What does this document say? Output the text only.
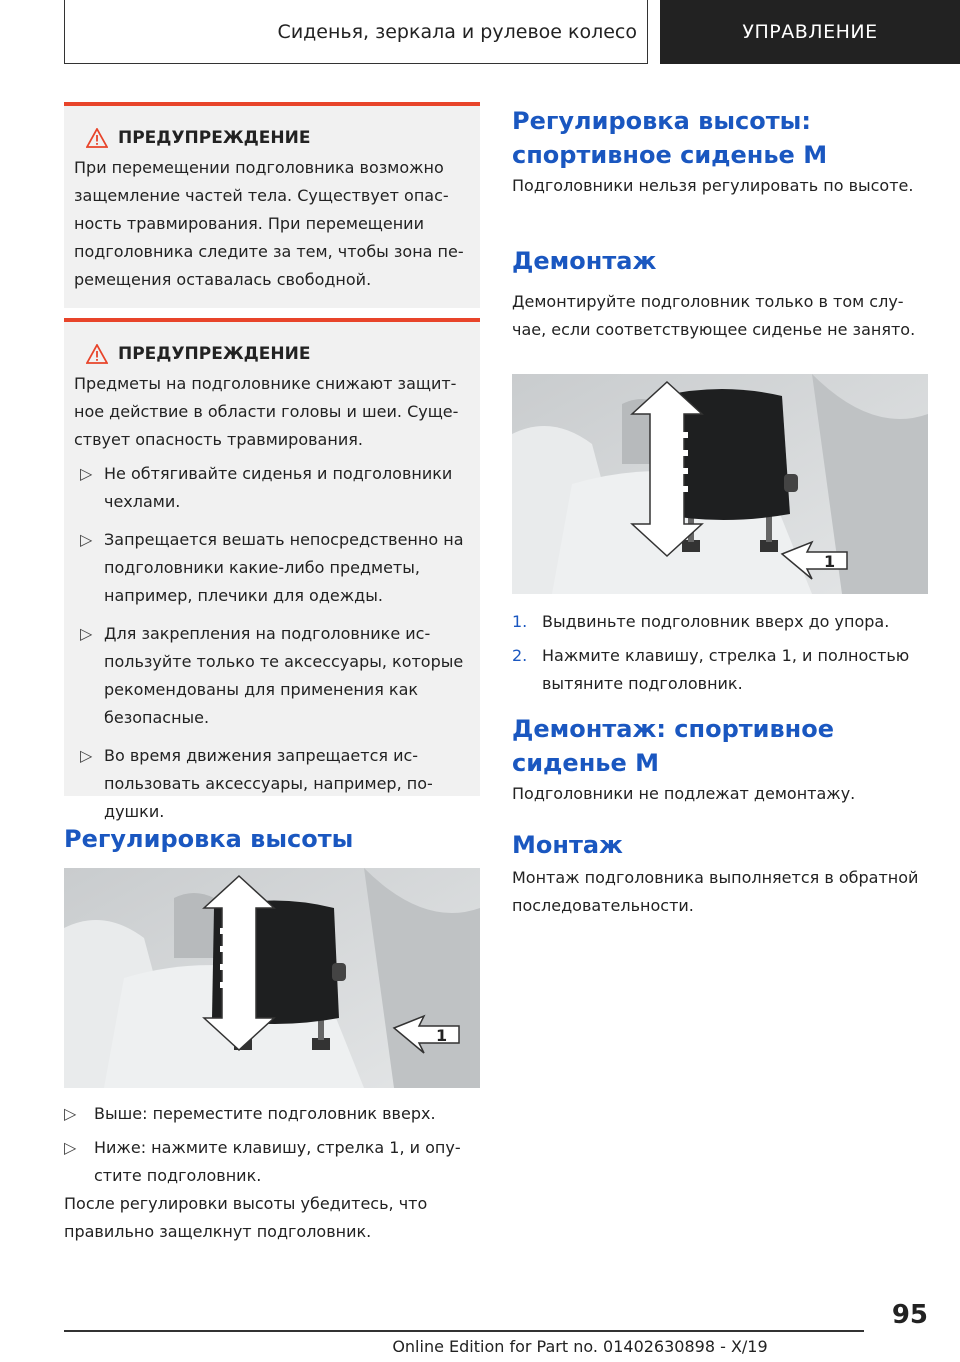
Сиденья, зеркала и рулевое колесо	УПРАВЛЕНИЕ
ПРЕДУПРЕЖДЕНИЕ

При перемещении подголовника возможно защемление частей тела. Существует опасность травмирования. При перемещении подголовника следите за тем, чтобы зона перемещения оставалась свободной.

ПРЕДУПРЕЖДЕНИЕ

Предметы на подголовнике снижают защитное действие в области головы и шеи. Существует опасность травмирования.

▷ Не обтягивайте сиденья и подголовники чехлами.
▷ Запрещается вешать непосредственно на подголовники какие-либо предметы, например, плечики для одежды.
▷ Для закрепления на подголовнике используйте только те аксессуары, которые рекомендованы для применения как безопасные.
▷ Во время движения запрещается использовать аксессуары, например, подушки.
Регулировка высоты
1
▷ Выше: переместите подголовник вверх.
▷ Ниже: нажмите клавишу, стрелка 1, и опустите подголовник.

После регулировки высоты убедитесь, что правильно защелкнут подголовник.

Регулировка высоты: спортивное сиденье M

Подголовники нельзя регулировать по высоте.

Демонтаж

Демонтируйте подголовник только в том случае, если соответствующее сиденье не занято.

1
1. Выдвиньте подголовник вверх до упора.
2. Нажмите клавишу, стрелка 1, и полностью вытяните подголовник.
Демонтаж: спортивное сиденье M

Подголовники не подлежат демонтажу.

Монтаж

Монтаж подголовника выполняется в обратной последовательности.

95
Online Edition for Part no. 01402630898 - X/19
